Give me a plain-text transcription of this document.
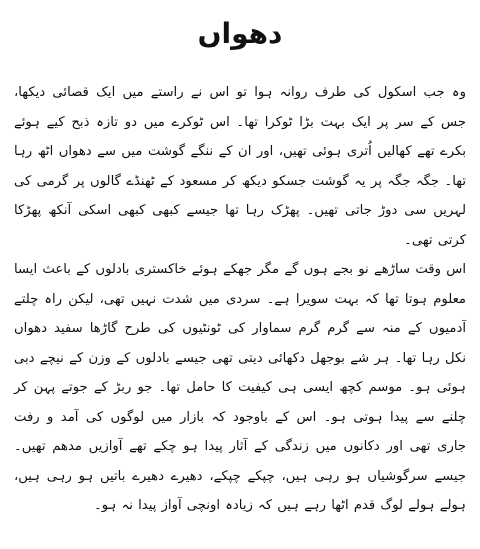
دھواں

وہ جب اسکول کی طرف روانہ ہوا تو اس نے راستے میں ایک قصائی دیکھا، جس کے سر پر ایک بہت بڑا ٹوکرا تھا۔ اس ٹوکرے میں دو تازہ ذبح کیے ہوئے بکرے تھے کھالیں اُتری ہوئی تھیں، اور ان کے ننگے گوشت میں سے دھواں اٹھ رہا تھا۔ جگہ جگہ پر یہ گوشت جسکو دیکھ کر مسعود کے ٹھنڈے گالوں پر گرمی کی لہریں سی دوڑ جاتی تھیں۔ پھڑک رہا تھا جیسے کبھی کبھی اسکی آنکھ پھڑکا کرتی تھی۔

اس وقت ساڑھے نو بجے ہوں گے مگر جھکے ہوئے خاکستری بادلوں کے باعث ایسا معلوم ہوتا تھا کہ بہت سویرا ہے۔ سردی میں شدت نہیں تھی، لیکن راہ چلتے آدمیوں کے منہ سے گرم گرم سماوار کی ٹونٹیوں کی طرح گاڑھا سفید دھواں نکل رہا تھا۔ ہر شے بوجھل دکھائی دیتی تھی جیسے بادلوں کے وزن کے نیچے دبی ہوئی ہو۔ موسم کچھ ایسی ہی کیفیت کا حامل تھا۔ جو ربڑ کے جوتے پہن کر چلنے سے پیدا ہوتی ہو۔ اس کے باوجود کہ بازار میں لوگوں کی آمد و رفت جاری تھی اور دکانوں میں زندگی کے آثار پیدا ہو چکے تھے آوازیں مدھم تھیں۔ جیسے سرگوشیاں ہو رہی ہیں، چپکے چپکے، دھیرے دھیرے باتیں ہو رہی ہیں، ہولے ہولے لوگ قدم اٹھا رہے ہیں کہ زیادہ اونچی آواز پیدا نہ ہو۔
